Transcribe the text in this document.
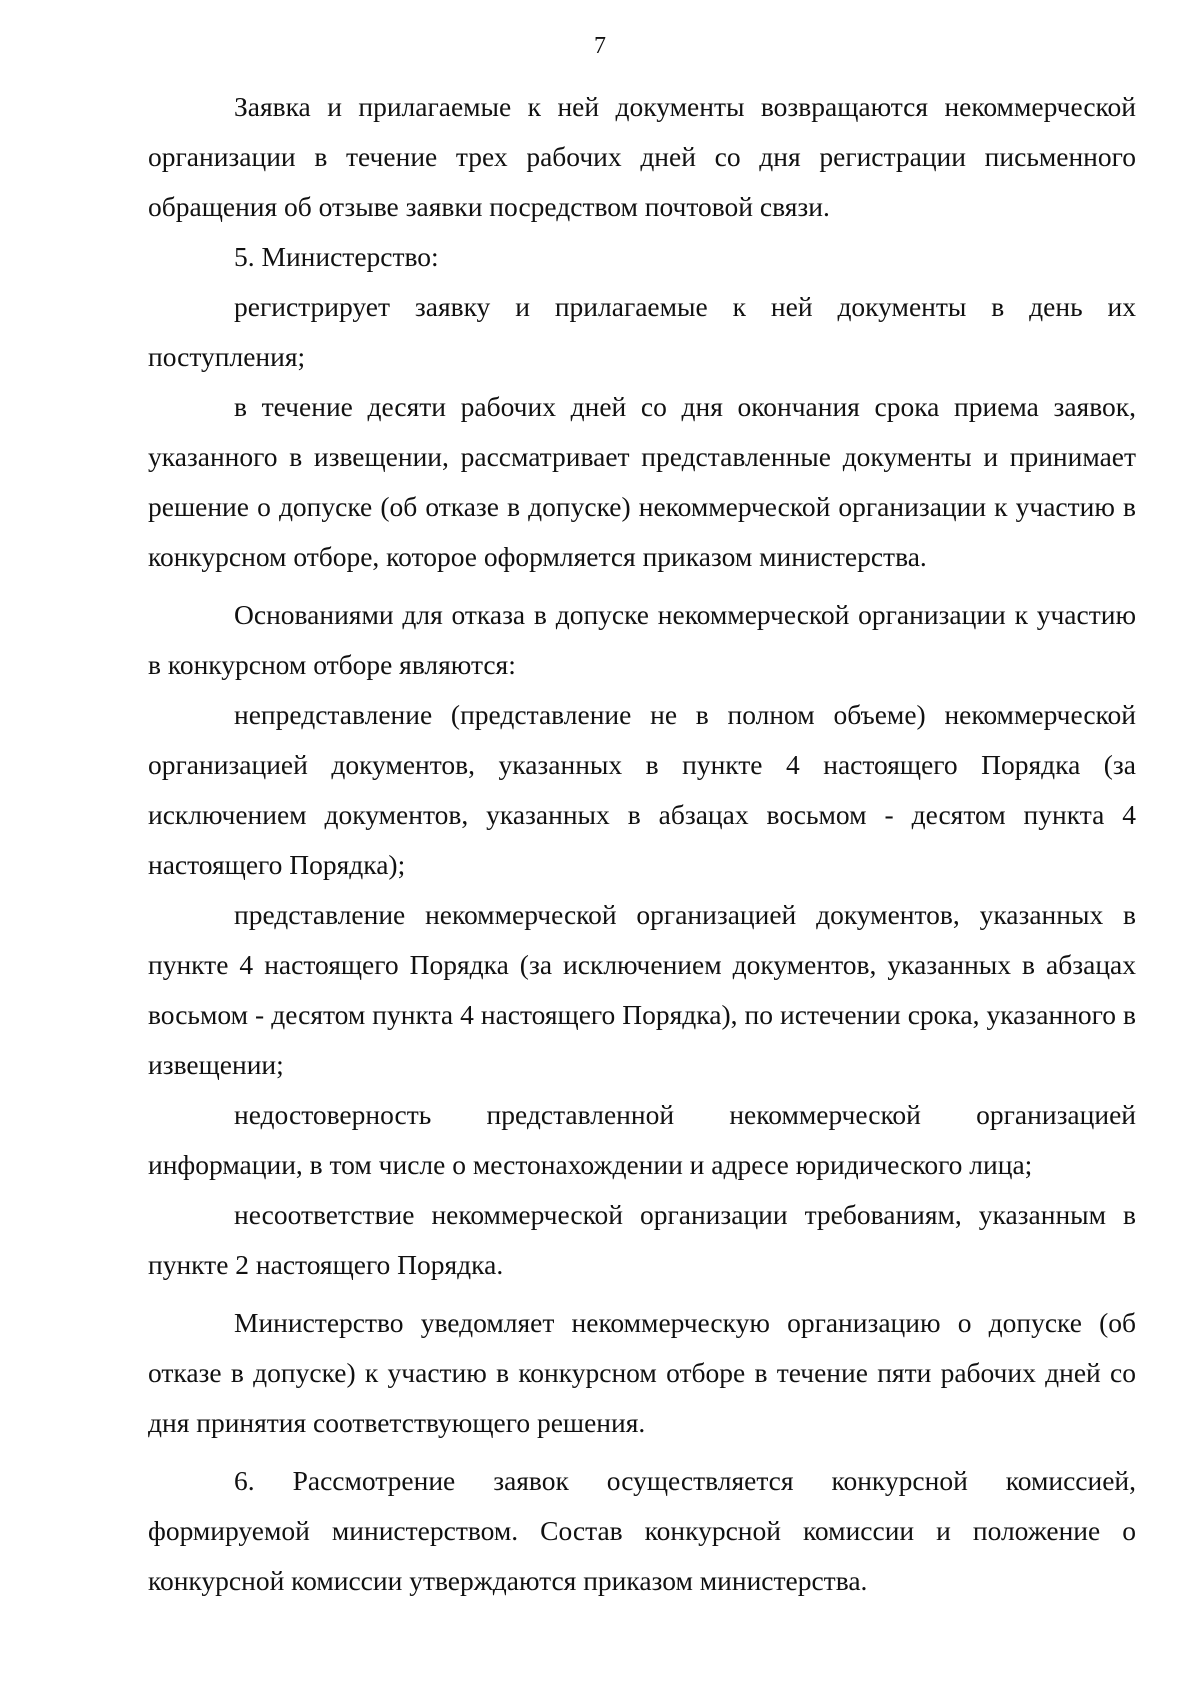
7

Заявка и прилагаемые к ней документы возвращаются некоммерческой организации в течение трех рабочих дней со дня регистрации письменного обращения об отзыве заявки посредством почтовой связи.

5. Министерство:

регистрирует заявку и прилагаемые к ней документы в день их поступления;

в течение десяти рабочих дней со дня окончания срока приема заявок, указанного в извещении, рассматривает представленные документы и принимает решение о допуске (об отказе в допуске) некоммерческой организации к участию в конкурсном отборе, которое оформляется приказом министерства.

Основаниями для отказа в допуске некоммерческой организации к участию в конкурсном отборе являются:

непредставление (представление не в полном объеме) некоммерческой организацией документов, указанных в пункте 4 настоящего Порядка (за исключением документов, указанных в абзацах восьмом - десятом пункта 4 настоящего Порядка);

представление некоммерческой организацией документов, указанных в пункте 4 настоящего Порядка (за исключением документов, указанных в абзацах восьмом - десятом пункта 4 настоящего Порядка), по истечении срока, указанного в извещении;

недостоверность представленной некоммерческой организацией информации, в том числе о местонахождении и адресе юридического лица;

несоответствие некоммерческой организации требованиям, указанным в пункте 2 настоящего Порядка.

Министерство уведомляет некоммерческую организацию о допуске (об отказе в допуске) к участию в конкурсном отборе в течение пяти рабочих дней со дня принятия соответствующего решения.

6. Рассмотрение заявок осуществляется конкурсной комиссией, формируемой министерством. Состав конкурсной комиссии и положение о конкурсной комиссии утверждаются приказом министерства.
